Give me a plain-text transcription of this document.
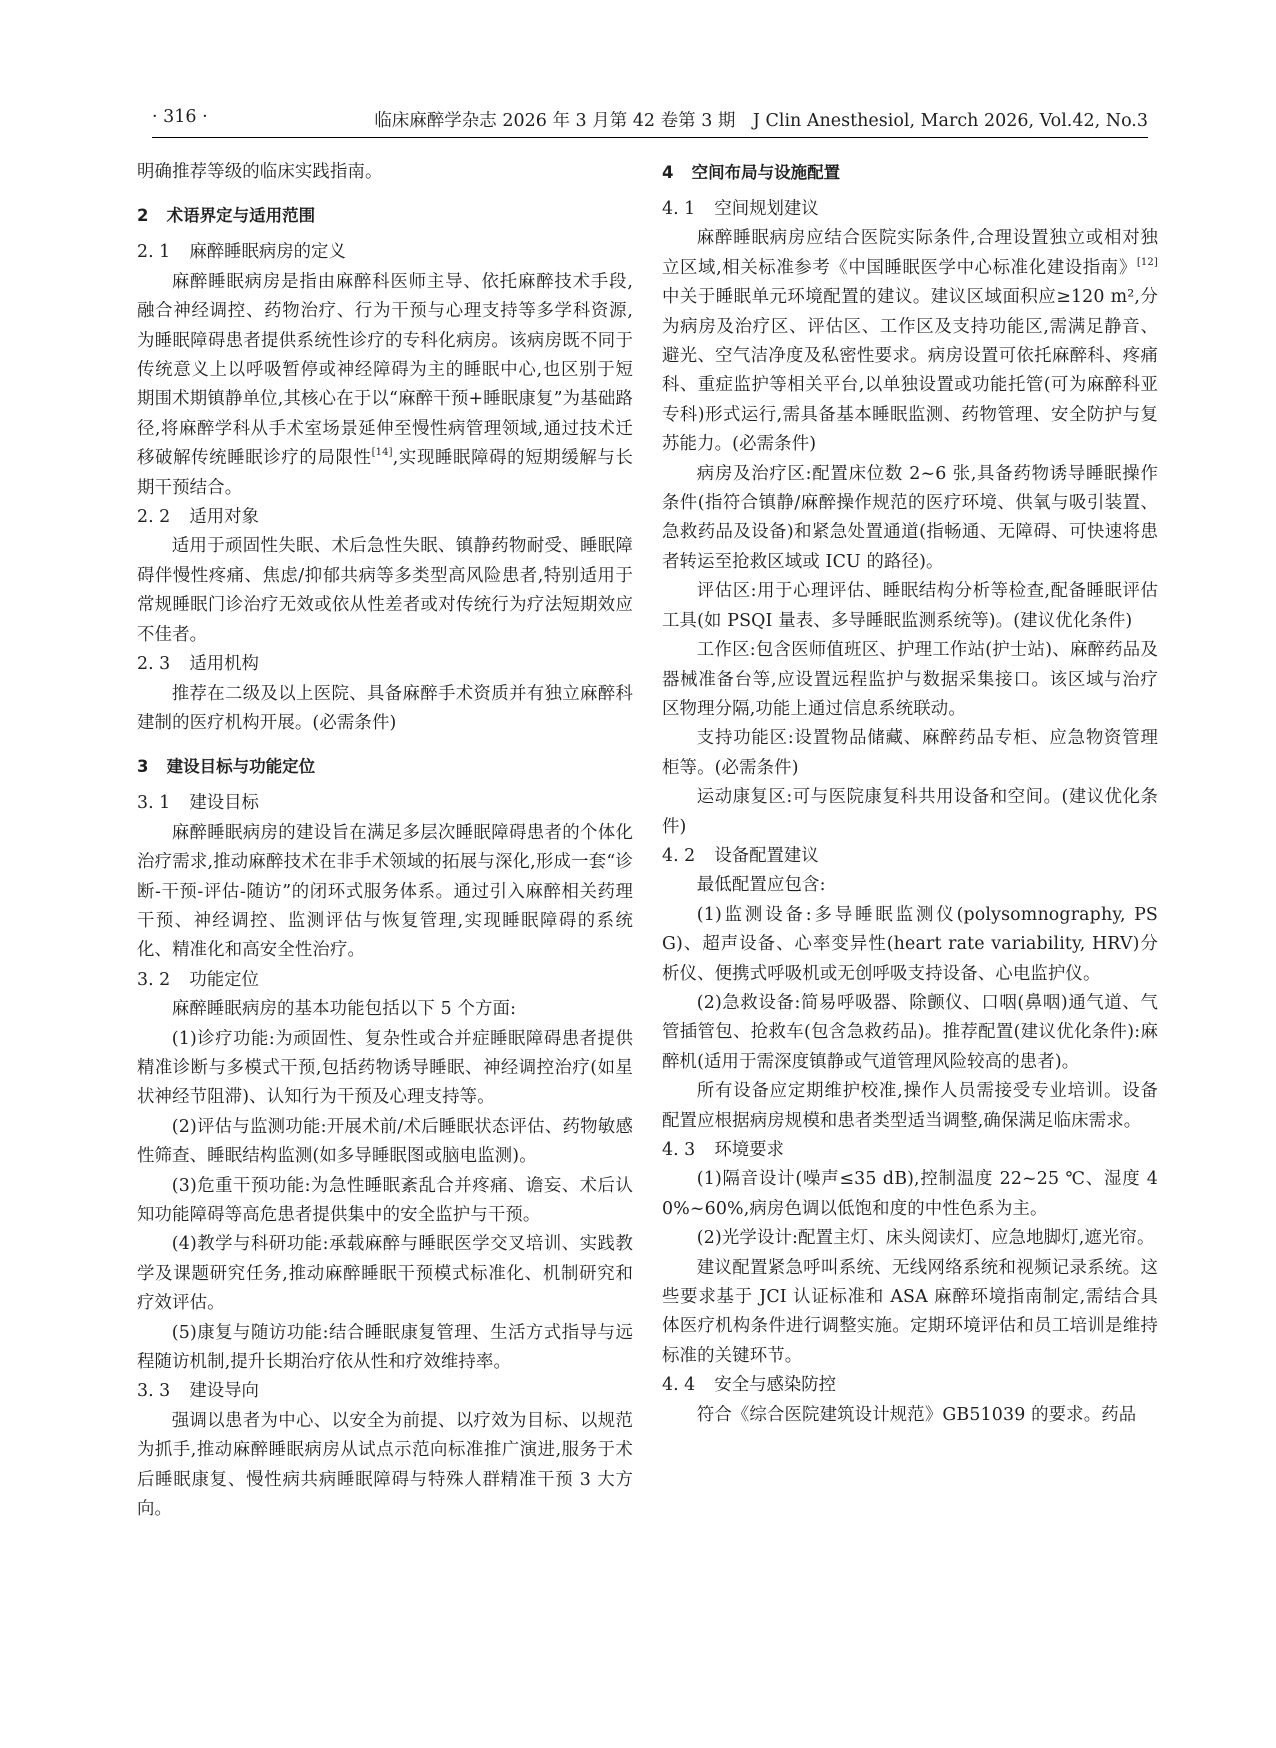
· 316 ·	临床麻醉学杂志 2026 年 3 月第 42 卷第 3 期　J Clin Anesthesiol, March 2026, Vol.42, No.3

明确推荐等级的临床实践指南。

2 术语界定与适用范围
2. 1 麻醉睡眠病房的定义

麻醉睡眠病房是指由麻醉科医师主导、依托麻醉技术手段,融合神经调控、药物治疗、行为干预与心理支持等多学科资源,为睡眠障碍患者提供系统性诊疗的专科化病房。该病房既不同于传统意义上以呼吸暂停或神经障碍为主的睡眠中心,也区别于短期围术期镇静单位,其核心在于以“麻醉干预+睡眠康复”为基础路径,将麻醉学科从手术室场景延伸至慢性病管理领域,通过技术迁移破解传统睡眠诊疗的局限性[14],实现睡眠障碍的短期缓解与长期干预结合。

2. 2 适用对象

适用于顽固性失眠、术后急性失眠、镇静药物耐受、睡眠障碍伴慢性疼痛、焦虑/抑郁共病等多类型高风险患者,特别适用于常规睡眠门诊治疗无效或依从性差者或对传统行为疗法短期效应不佳者。

2. 3 适用机构

推荐在二级及以上医院、具备麻醉手术资质并有独立麻醉科建制的医疗机构开展。(必需条件)

3 建设目标与功能定位
3. 1 建设目标

麻醉睡眠病房的建设旨在满足多层次睡眠障碍患者的个体化治疗需求,推动麻醉技术在非手术领域的拓展与深化,形成一套“诊断-干预-评估-随访”的闭环式服务体系。通过引入麻醉相关药理干预、神经调控、监测评估与恢复管理,实现睡眠障碍的系统化、精准化和高安全性治疗。

3. 2 功能定位

麻醉睡眠病房的基本功能包括以下 5 个方面:

(1)诊疗功能:为顽固性、复杂性或合并症睡眠障碍患者提供精准诊断与多模式干预,包括药物诱导睡眠、神经调控治疗(如星状神经节阻滞)、认知行为干预及心理支持等。

(2)评估与监测功能:开展术前/术后睡眠状态评估、药物敏感性筛查、睡眠结构监测(如多导睡眠图或脑电监测)。

(3)危重干预功能:为急性睡眠紊乱合并疼痛、谵妄、术后认知功能障碍等高危患者提供集中的安全监护与干预。

(4)教学与科研功能:承载麻醉与睡眠医学交叉培训、实践教学及课题研究任务,推动麻醉睡眠干预模式标准化、机制研究和疗效评估。

(5)康复与随访功能:结合睡眠康复管理、生活方式指导与远程随访机制,提升长期治疗依从性和疗效维持率。

3. 3 建设导向

强调以患者为中心、以安全为前提、以疗效为目标、以规范为抓手,推动麻醉睡眠病房从试点示范向标准推广演进,服务于术后睡眠康复、慢性病共病睡眠障碍与特殊人群精准干预 3 大方向。

4 空间布局与设施配置
4. 1 空间规划建议

麻醉睡眠病房应结合医院实际条件,合理设置独立或相对独立区域,相关标准参考《中国睡眠医学中心标准化建设指南》[12]中关于睡眠单元环境配置的建议。建议区域面积应≥120 m²,分为病房及治疗区、评估区、工作区及支持功能区,需满足静音、避光、空气洁净度及私密性要求。病房设置可依托麻醉科、疼痛科、重症监护等相关平台,以单独设置或功能托管(可为麻醉科亚专科)形式运行,需具备基本睡眠监测、药物管理、安全防护与复苏能力。(必需条件)

病房及治疗区:配置床位数 2~6 张,具备药物诱导睡眠操作条件(指符合镇静/麻醉操作规范的医疗环境、供氧与吸引装置、急救药品及设备)和紧急处置通道(指畅通、无障碍、可快速将患者转运至抢救区域或 ICU 的路径)。

评估区:用于心理评估、睡眠结构分析等检查,配备睡眠评估工具(如 PSQI 量表、多导睡眠监测系统等)。(建议优化条件)

工作区:包含医师值班区、护理工作站(护士站)、麻醉药品及器械准备台等,应设置远程监护与数据采集接口。该区域与治疗区物理分隔,功能上通过信息系统联动。

支持功能区:设置物品储藏、麻醉药品专柜、应急物资管理柜等。(必需条件)

运动康复区:可与医院康复科共用设备和空间。(建议优化条件)

4. 2 设备配置建议

最低配置应包含:

(1)监测设备:多导睡眠监测仪(polysomnography, PSG)、超声设备、心率变异性(heart rate variability, HRV)分析仪、便携式呼吸机或无创呼吸支持设备、心电监护仪。

(2)急救设备:简易呼吸器、除颤仪、口咽(鼻咽)通气道、气管插管包、抢救车(包含急救药品)。推荐配置(建议优化条件):麻醉机(适用于需深度镇静或气道管理风险较高的患者)。

所有设备应定期维护校准,操作人员需接受专业培训。设备配置应根据病房规模和患者类型适当调整,确保满足临床需求。

4. 3 环境要求

(1)隔音设计(噪声≤35 dB),控制温度 22~25 ℃、湿度 40%~60%,病房色调以低饱和度的中性色系为主。

(2)光学设计:配置主灯、床头阅读灯、应急地脚灯,遮光帘。

建议配置紧急呼叫系统、无线网络系统和视频记录系统。这些要求基于 JCI 认证标准和 ASA 麻醉环境指南制定,需结合具体医疗机构条件进行调整实施。定期环境评估和员工培训是维持标准的关键环节。

4. 4 安全与感染防控

符合《综合医院建筑设计规范》GB51039 的要求。药品
